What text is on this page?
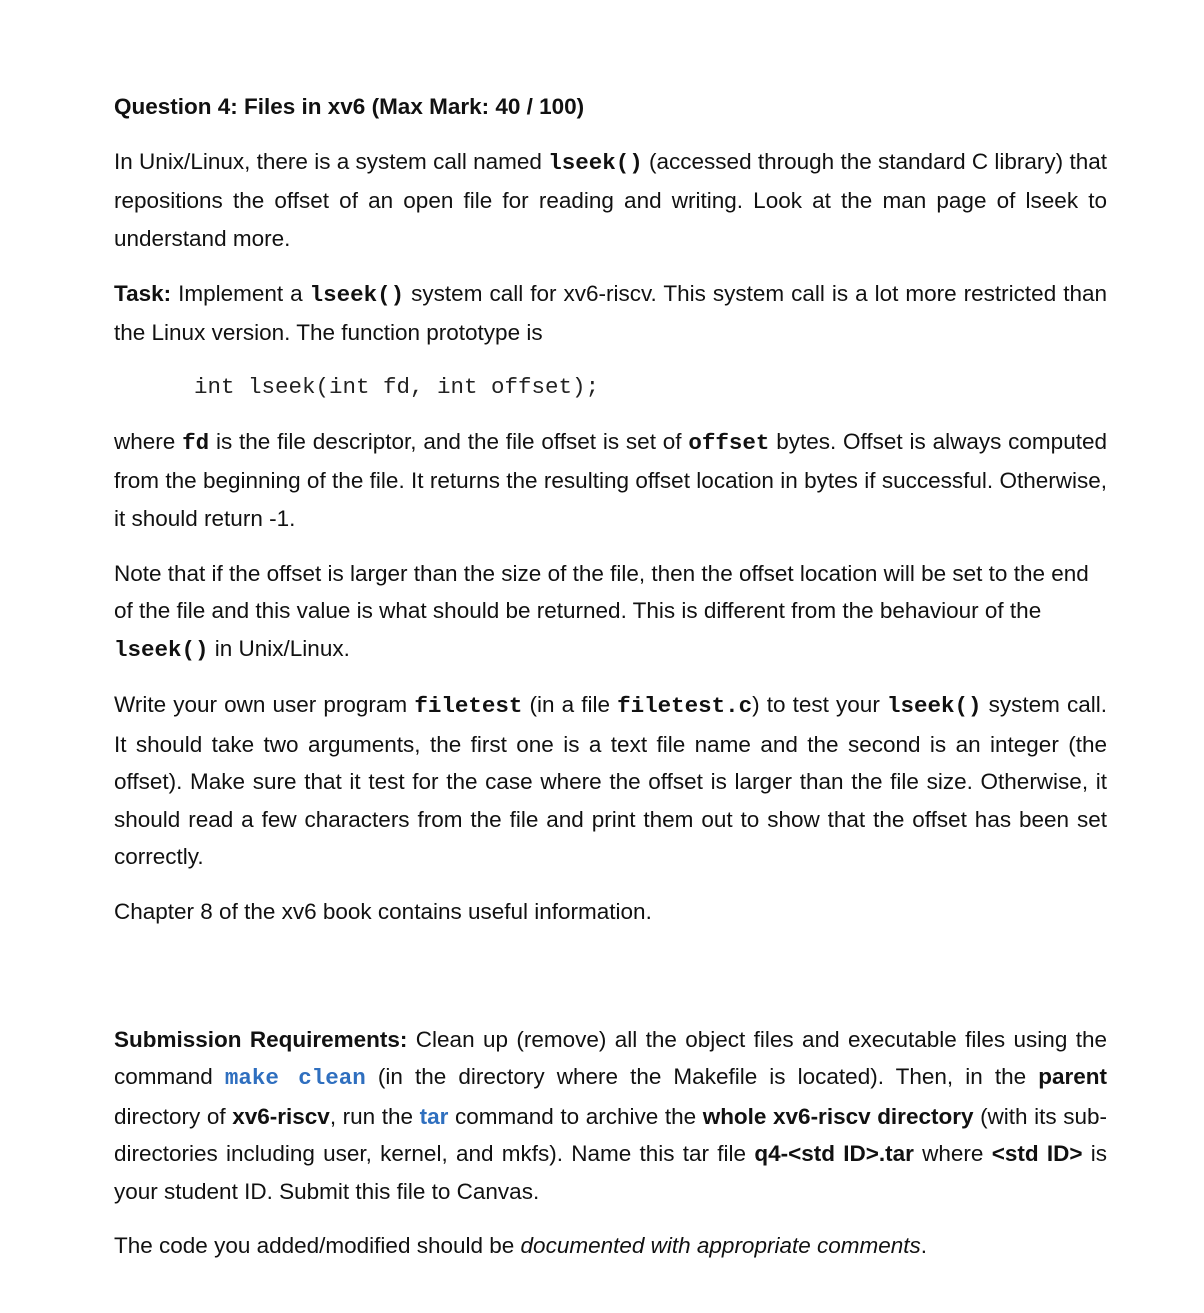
Question 4: Files in xv6 (Max Mark: 40 / 100)

In Unix/Linux, there is a system call named lseek() (accessed through the standard C library) that repositions the offset of an open file for reading and writing. Look at the man page of lseek to understand more.

Task: Implement a lseek() system call for xv6-riscv. This system call is a lot more restricted than the Linux version. The function prototype is

int lseek(int fd, int offset);

where fd is the file descriptor, and the file offset is set of offset bytes. Offset is always computed from the beginning of the file. It returns the resulting offset location in bytes if successful. Otherwise, it should return -1.

Note that if the offset is larger than the size of the file, then the offset location will be set to the end of the file and this value is what should be returned. This is different from the behaviour of the lseek() in Unix/Linux.

Write your own user program filetest (in a file filetest.c) to test your lseek() system call. It should take two arguments, the first one is a text file name and the second is an integer (the offset). Make sure that it test for the case where the offset is larger than the file size. Otherwise, it should read a few characters from the file and print them out to show that the offset has been set correctly.

Chapter 8 of the xv6 book contains useful information.

Submission Requirements: Clean up (remove) all the object files and executable files using the command make clean (in the directory where the Makefile is located). Then, in the parent directory of xv6-riscv, run the tar command to archive the whole xv6-riscv directory (with its sub-directories including user, kernel, and mkfs). Name this tar file q4-<std ID>.tar where <std ID> is your student ID. Submit this file to Canvas.

The code you added/modified should be documented with appropriate comments.
